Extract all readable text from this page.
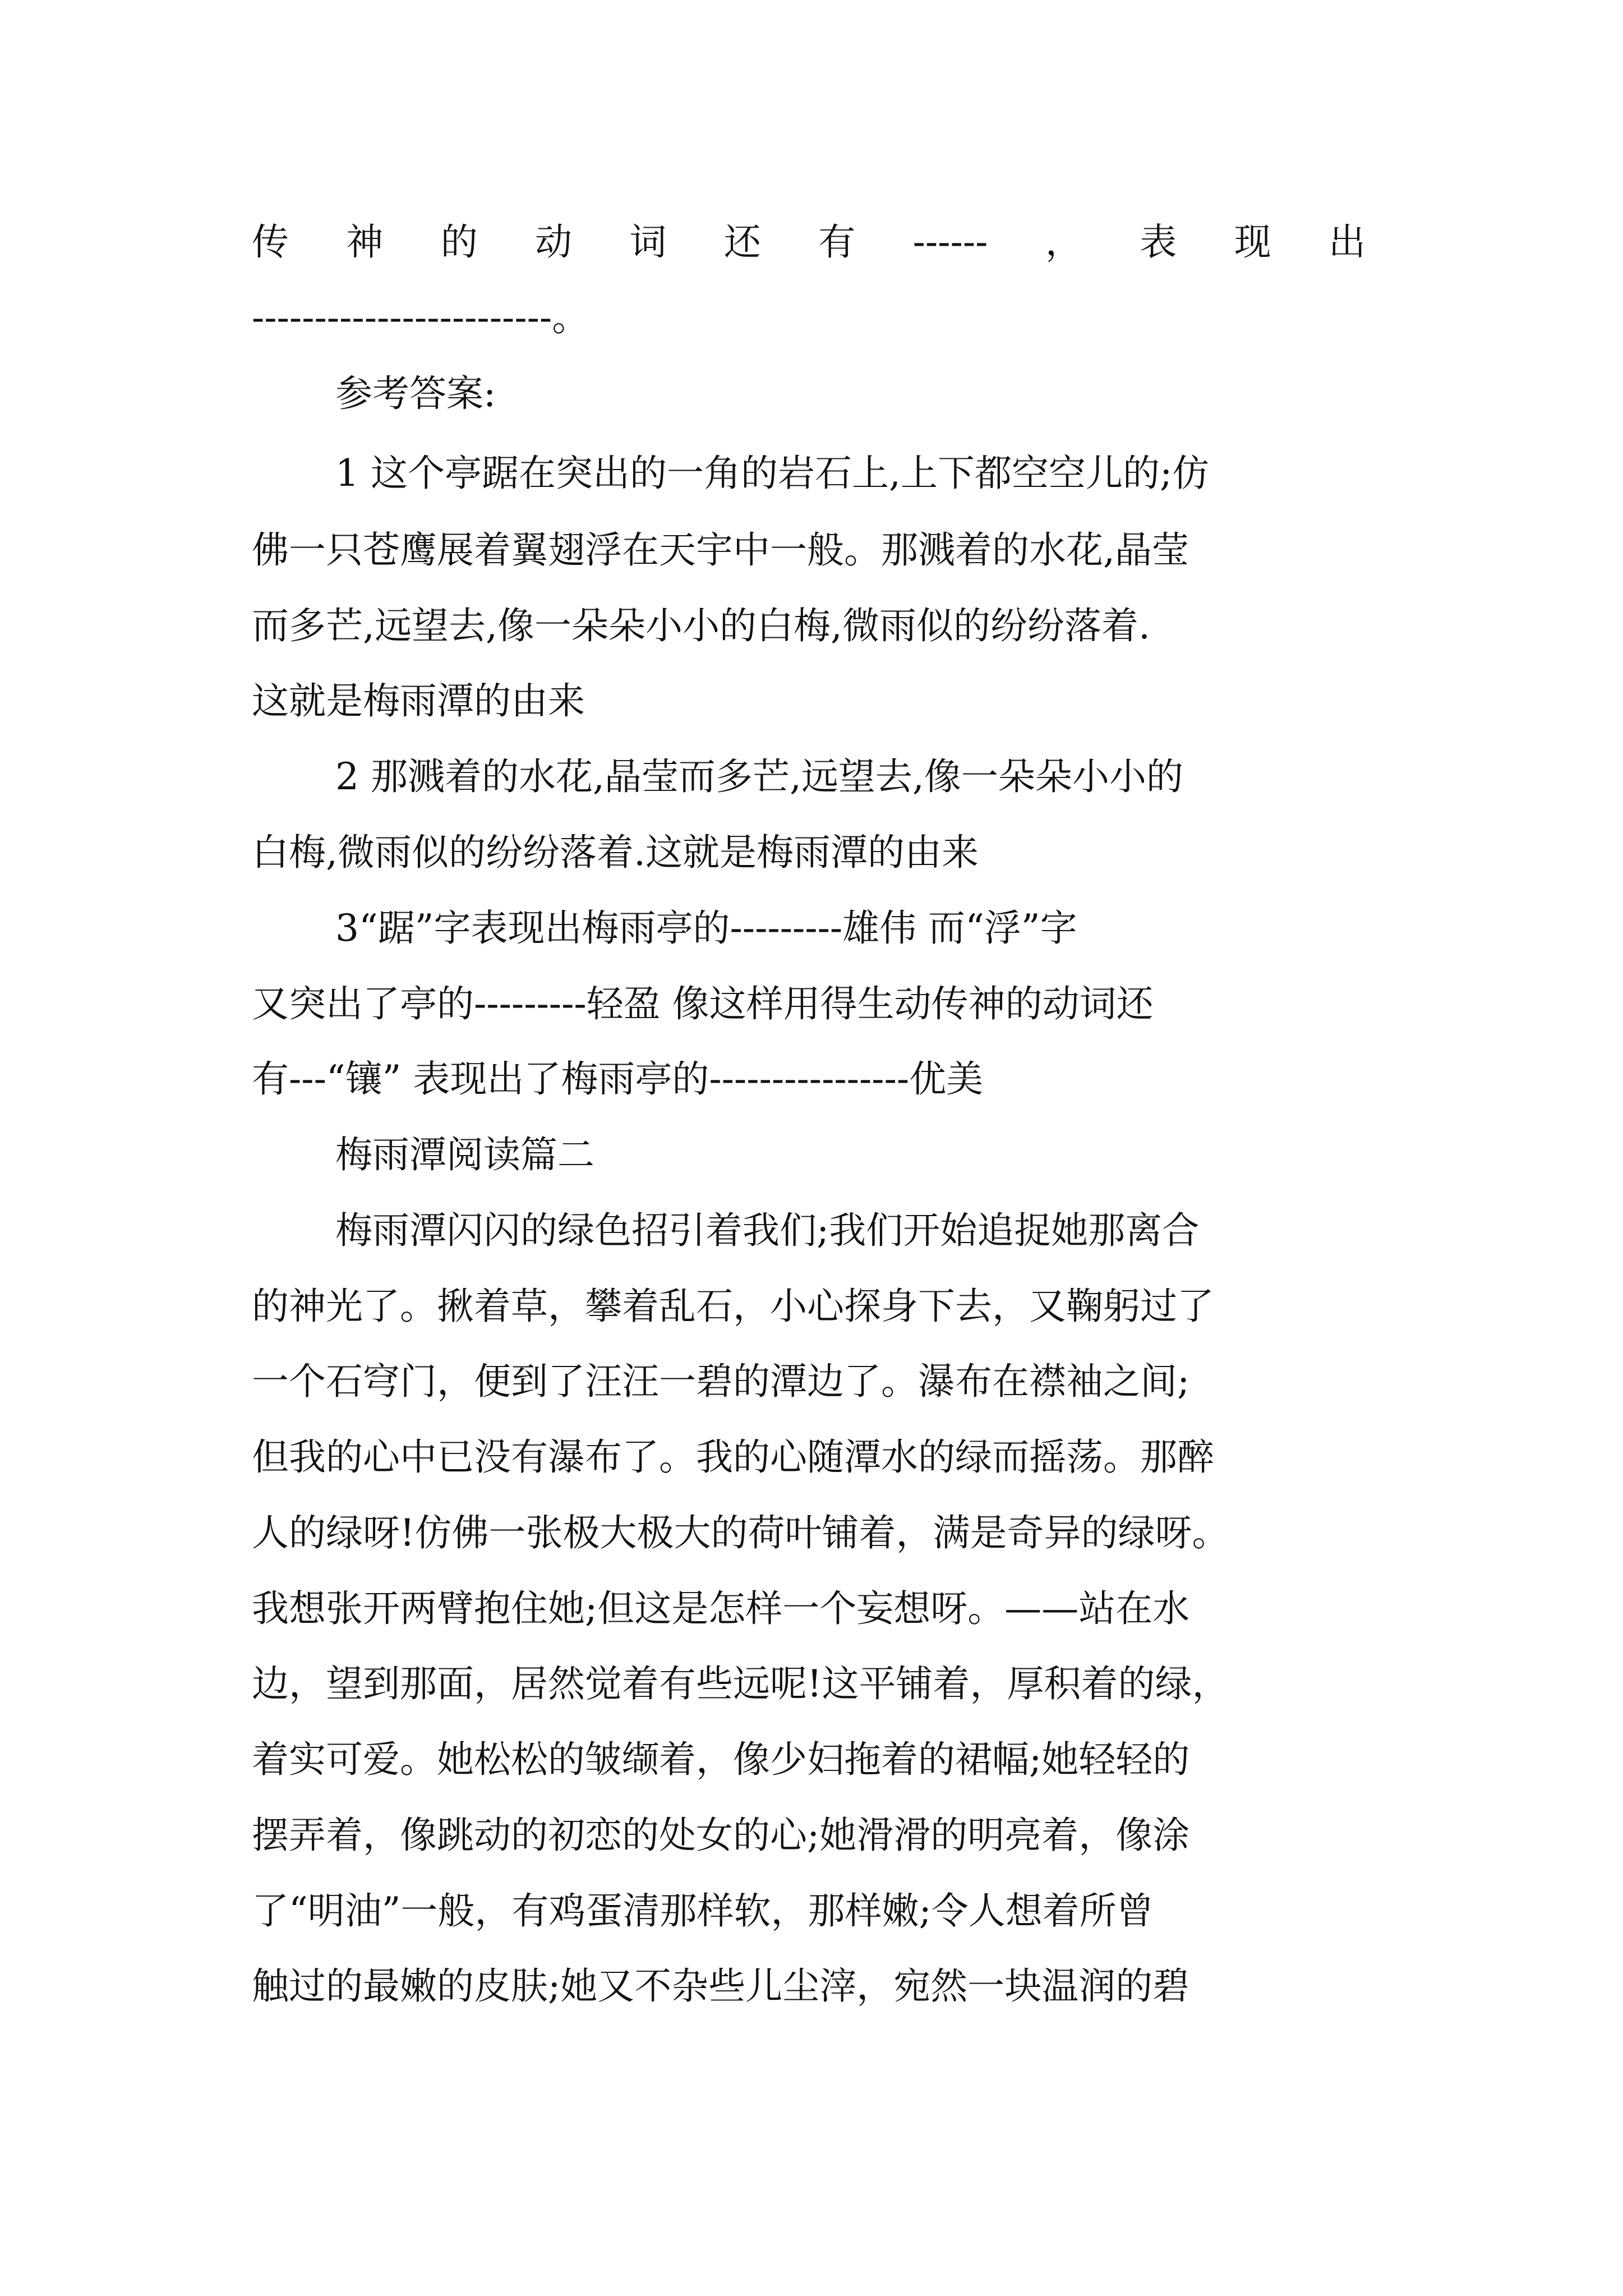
传 神 的 动 词 还 有 ------ ， 表 现 出
------------------------。
参考答案:
1 这个亭踞在突出的一角的岩石上,上下都空空儿的;仿
佛一只苍鹰展着翼翅浮在天宇中一般。那溅着的水花,晶莹
而多芒,远望去,像一朵朵小小的白梅,微雨似的纷纷落着.
这就是梅雨潭的由来
2 那溅着的水花,晶莹而多芒,远望去,像一朵朵小小的
白梅,微雨似的纷纷落着.这就是梅雨潭的由来
3“踞”字表现出梅雨亭的---------雄伟 而“浮”字
又突出了亭的---------轻盈 像这样用得生动传神的动词还
有---“镶” 表现出了梅雨亭的----------------优美
梅雨潭阅读篇二
梅雨潭闪闪的绿色招引着我们;我们开始追捉她那离合
的神光了。揪着草，攀着乱石，小心探身下去，又鞠躬过了
一个石穹门，便到了汪汪一碧的潭边了。瀑布在襟袖之间;
但我的心中已没有瀑布了。我的心随潭水的绿而摇荡。那醉
人的绿呀!仿佛一张极大极大的荷叶铺着，满是奇异的绿呀。
我想张开两臂抱住她;但这是怎样一个妄想呀。——站在水
边，望到那面，居然觉着有些远呢!这平铺着，厚积着的绿，
着实可爱。她松松的皱缬着，像少妇拖着的裙幅;她轻轻的
摆弄着，像跳动的初恋的处女的心;她滑滑的明亮着，像涂
了“明油”一般，有鸡蛋清那样软，那样嫩;令人想着所曾
触过的最嫩的皮肤;她又不杂些儿尘滓，宛然一块温润的碧
